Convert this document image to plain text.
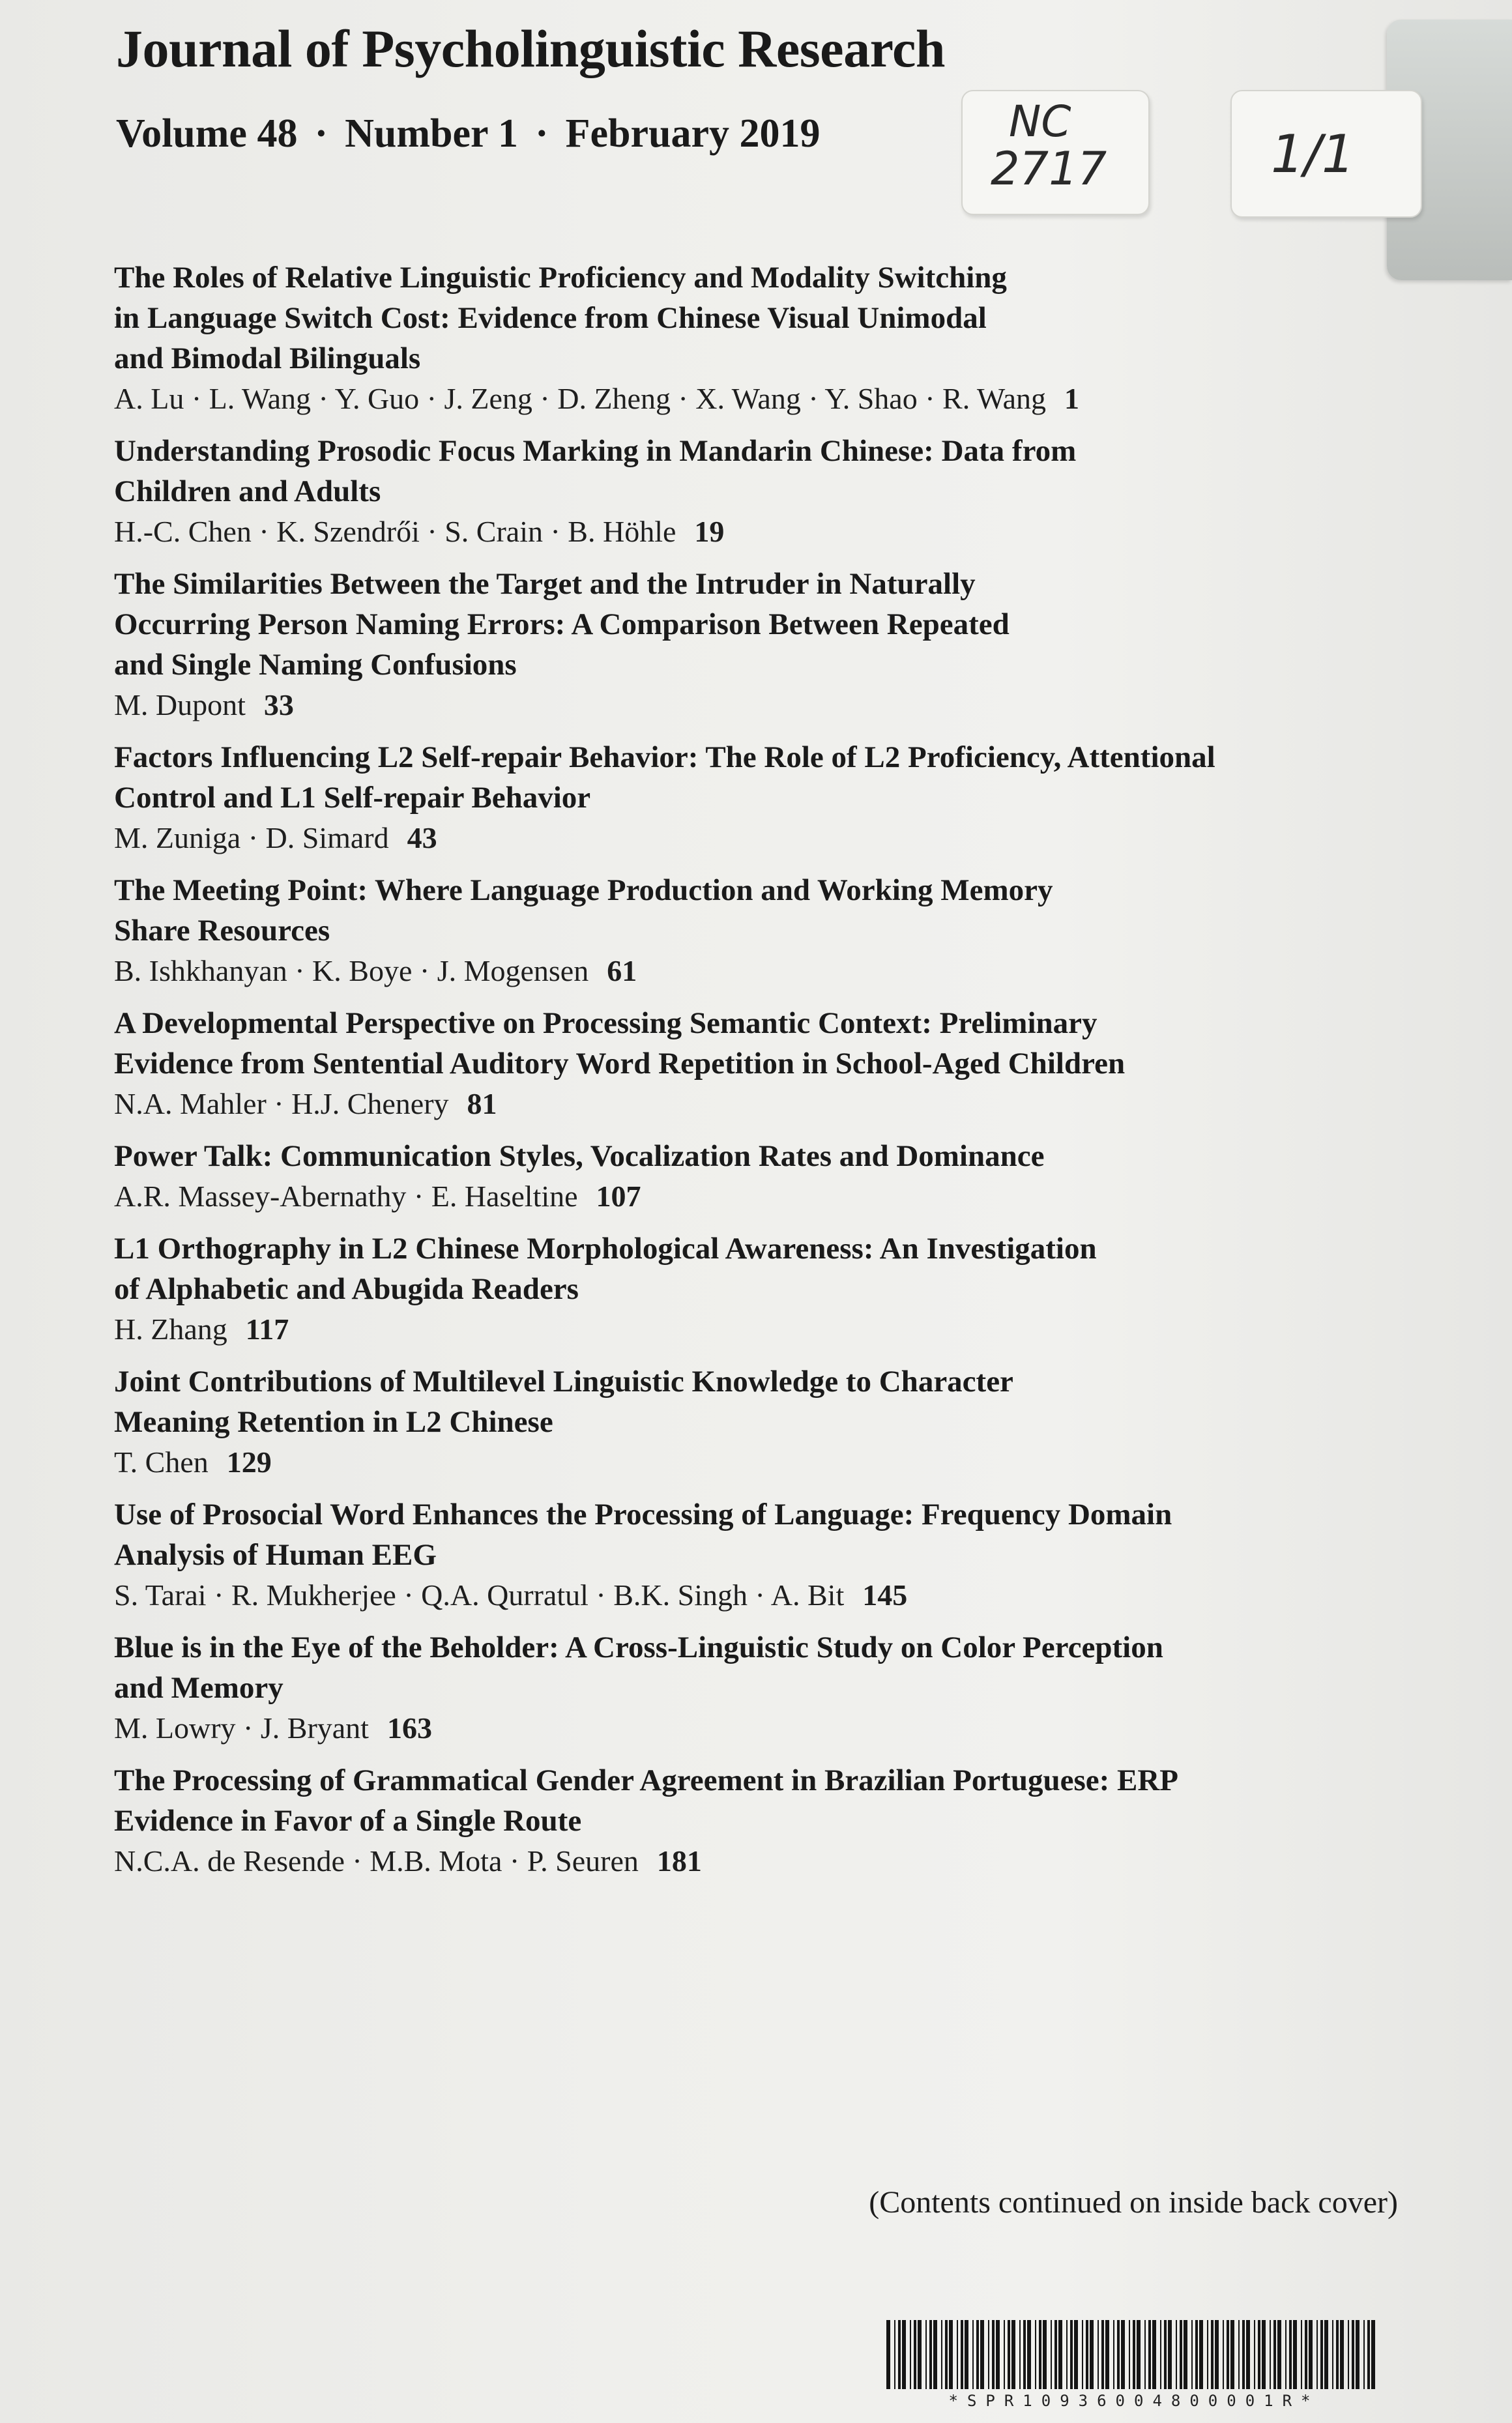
Journal of Psycholinguistic Research
Volume 48 · Number 1 · February 2019	NC
2717	1/1
The Roles of Relative Linguistic Proficiency and Modality Switching
in Language Switch Cost: Evidence from Chinese Visual Unimodal
and Bimodal Bilinguals
A. Lu · L. Wang · Y. Guo · J. Zeng · D. Zheng · X. Wang · Y. Shao · R. Wang 1
Understanding Prosodic Focus Marking in Mandarin Chinese: Data from
Children and Adults
H.-C. Chen · K. Szendrői · S. Crain · B. Höhle 19
The Similarities Between the Target and the Intruder in Naturally
Occurring Person Naming Errors: A Comparison Between Repeated
and Single Naming Confusions
M. Dupont 33
Factors Influencing L2 Self-repair Behavior: The Role of L2 Proficiency, Attentional
Control and L1 Self-repair Behavior
M. Zuniga · D. Simard 43
The Meeting Point: Where Language Production and Working Memory
Share Resources
B. Ishkhanyan · K. Boye · J. Mogensen 61
A Developmental Perspective on Processing Semantic Context: Preliminary
Evidence from Sentential Auditory Word Repetition in School-Aged Children
N.A. Mahler · H.J. Chenery 81
Power Talk: Communication Styles, Vocalization Rates and Dominance
A.R. Massey-Abernathy · E. Haseltine 107
L1 Orthography in L2 Chinese Morphological Awareness: An Investigation
of Alphabetic and Abugida Readers
H. Zhang 117
Joint Contributions of Multilevel Linguistic Knowledge to Character
Meaning Retention in L2 Chinese
T. Chen 129
Use of Prosocial Word Enhances the Processing of Language: Frequency Domain
Analysis of Human EEG
S. Tarai · R. Mukherjee · Q.A. Qurratul · B.K. Singh · A. Bit 145
Blue is in the Eye of the Beholder: A Cross-Linguistic Study on Color Perception
and Memory
M. Lowry · J. Bryant 163
The Processing of Grammatical Gender Agreement in Brazilian Portuguese: ERP
Evidence in Favor of a Single Route
N.C.A. de Resende · M.B. Mota · P. Seuren 181
(Contents continued on inside back cover)
*SPR10936004800001R*
